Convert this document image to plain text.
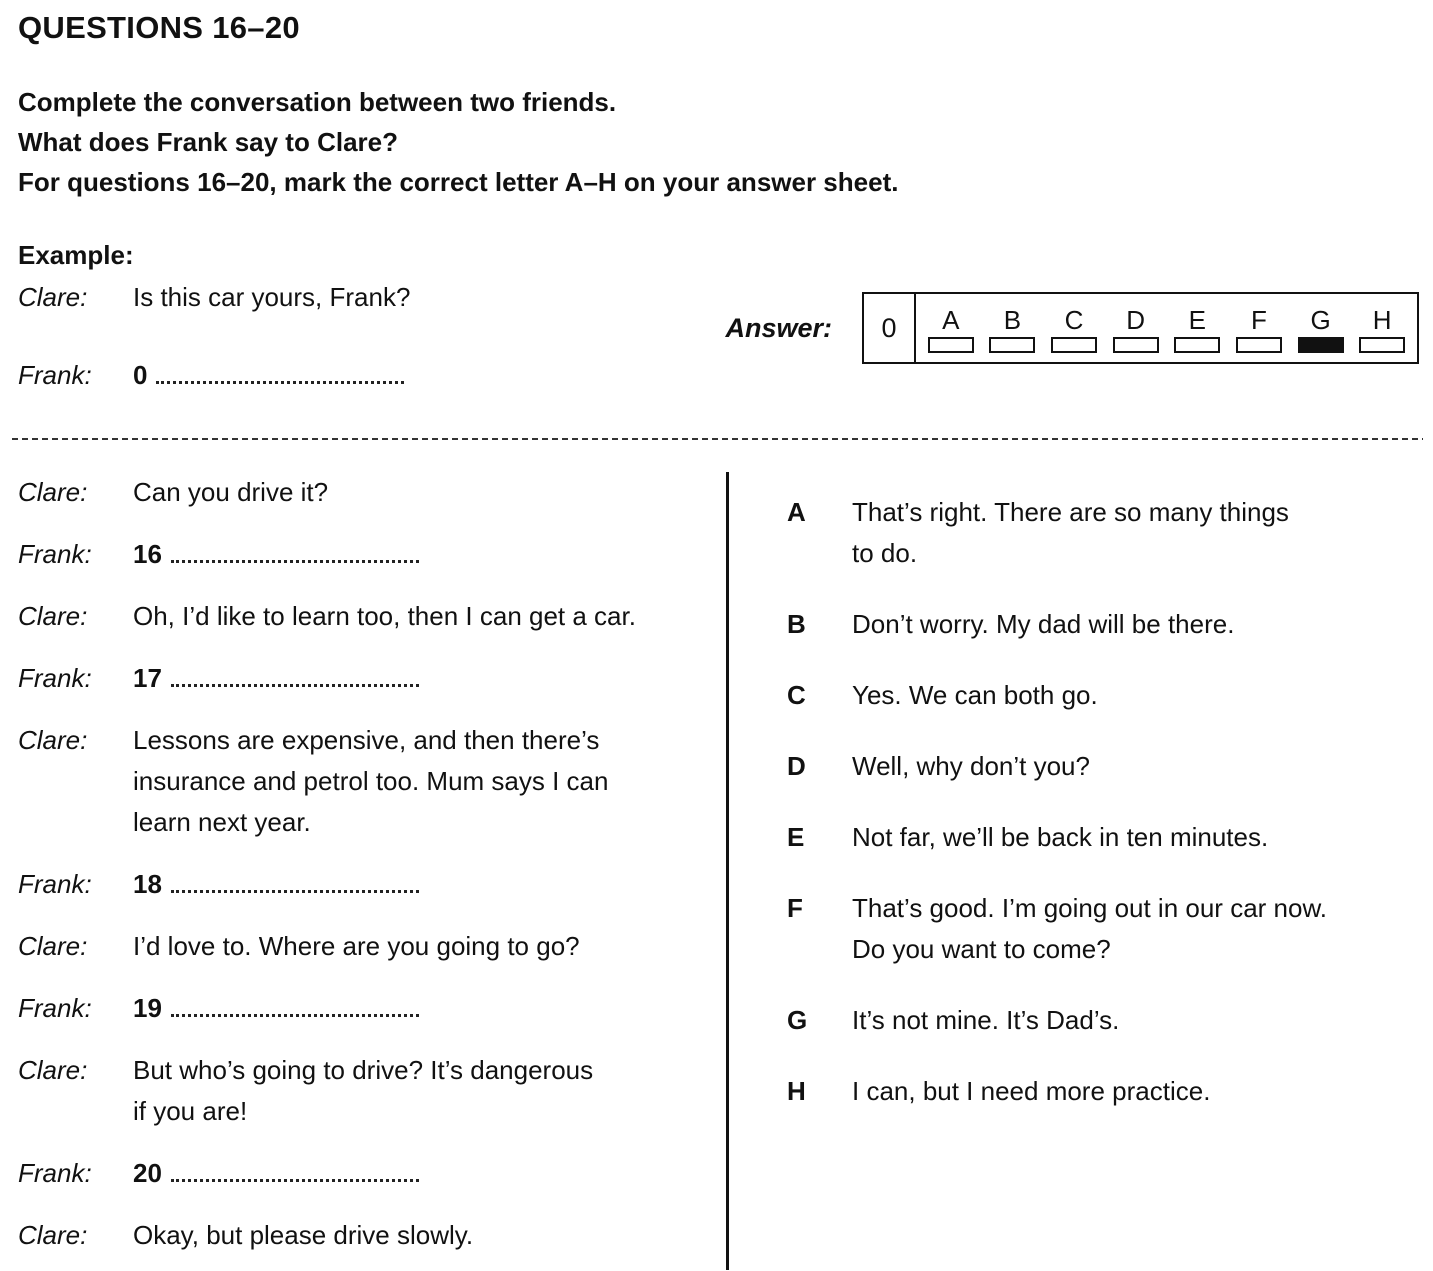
QUESTIONS 16–20
Complete the conversation between two friends.
What does Frank say to Clare?
For questions 16–20, mark the correct letter A–H on your answer sheet.
Example:
Clare:	Is this car yours, Frank?
Frank:	0
Answer:	0	A B C D E F G H
Clare:	Can you drive it?
Frank:	16
Clare:	Oh, I’d like to learn too, then I can get a car.
Frank:	17
Clare:	Lessons are expensive, and then there’s
insurance and petrol too. Mum says I can
learn next year.
Frank:	18
Clare:	I’d love to. Where are you going to go?
Frank:	19
Clare:	But who’s going to drive? It’s dangerous
if you are!
Frank:	20
Clare:	Okay, but please drive slowly.
A	That’s right. There are so many things
to do.
B	Don’t worry. My dad will be there.
C	Yes. We can both go.
D	Well, why don’t you?
E	Not far, we’ll be back in ten minutes.
F	That’s good. I’m going out in our car now.
Do you want to come?
G	It’s not mine. It’s Dad’s.
H	I can, but I need more practice.
